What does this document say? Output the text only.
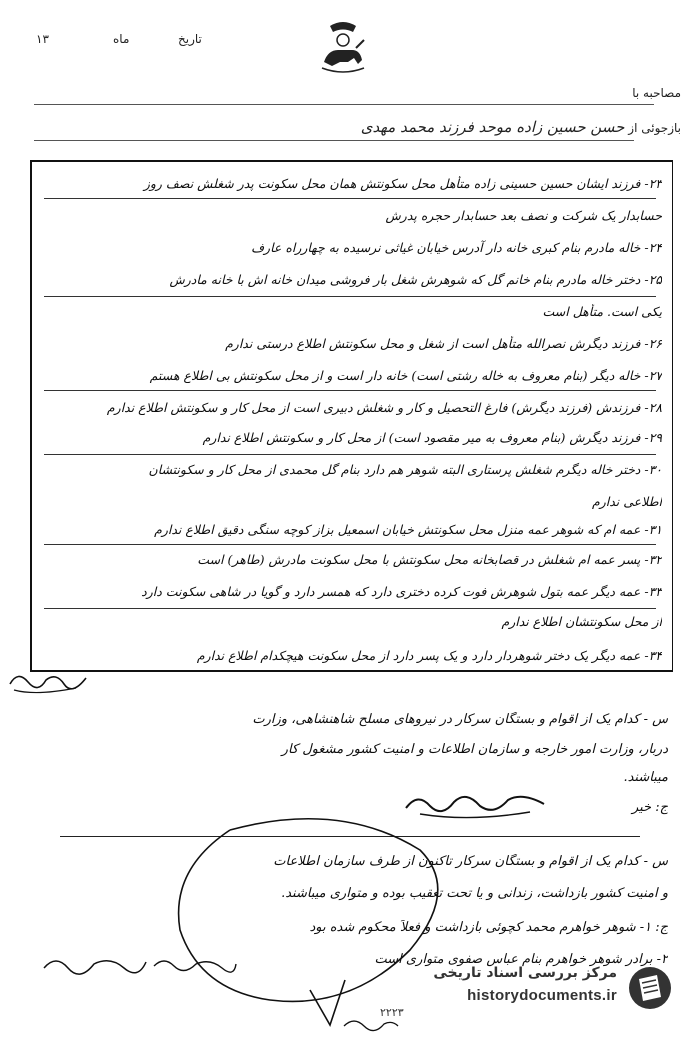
تاریخ
ماه
۱۳
مصاحبه با
بازجوئی از حسن حسین زاده موحد فرزند محمد مهدی
۲۳- فرزند ایشان حسین حسینی زاده متأهل محل سکونتش همان محل سکونت پدر شغلش نصف روز
حسابدار یک شرکت و نصف بعد حسابدار حجره پدرش
۲۴- خاله مادرم بنام کبری خانه دار آدرس خیابان غیاثی نرسیده به چهارراه عارف
۲۵- دختر خاله مادرم بنام خانم گل که شوهرش شغل بار فروشی میدان خانه اش با خانه مادرش
یکی است. متأهل است
۲۶- فرزند دیگرش نصرالله متأهل است از شغل و محل سکونتش اطلاع درستی ندارم
۲۷- خاله دیگر (بنام معروف به خاله رشتی است) خانه دار است و از محل سکونتش بی اطلاع هستم
۲۸- فرزندش (فرزند دیگرش) فارغ التحصیل و کار و شغلش دبیری است از محل کار و سکونتش اطلاع ندارم
۲۹- فرزند دیگرش (بنام معروف به میر مقصود است) از محل کار و سکونتش اطلاع ندارم
۳۰- دختر خاله دیگرم شغلش پرستاری البته شوهر هم دارد بنام گل محمدی از محل کار و سکونتشان
اطلاعی ندارم
۳۱- عمه ام که شوهر عمه منزل محل سکونتش خیابان اسمعیل بزاز کوچه سنگی دقیق اطلاع ندارم
۳۲- پسر عمه ام شغلش در قصابخانه محل سکونتش با محل سکونت مادرش (طاهر) است
۳۳- عمه دیگر عمه بتول شوهرش فوت کرده دختری دارد که همسر دارد و گویا در شاهی سکونت دارد
از محل سکونتشان اطلاع ندارم
۳۴- عمه دیگر یک دختر شوهردار دارد و یک پسر دارد از محل سکونت هیچکدام اطلاع ندارم
س - کدام یک از اقوام و بستگان سرکار در نیروهای مسلح شاهنشاهی، وزارت
دربار، وزارت امور خارجه و سازمان اطلاعات و امنیت کشور مشغول کار
میباشند.
ج: خیر
س - کدام یک از اقوام و بستگان سرکار تاکنون از طرف سازمان اطلاعات
و امنیت کشور بازداشت، زندانی و یا تحت تعقیب بوده و متواری میباشند.
ج: ۱- شوهر خواهرم محمد کچوئی بازداشت و فعلاً محکوم شده بود
۲- برادر شوهر خواهرم بنام عباس صفوی متواری است
۲۲۲۳
مرکز بررسی اسناد تاریخی
historydocuments.ir
